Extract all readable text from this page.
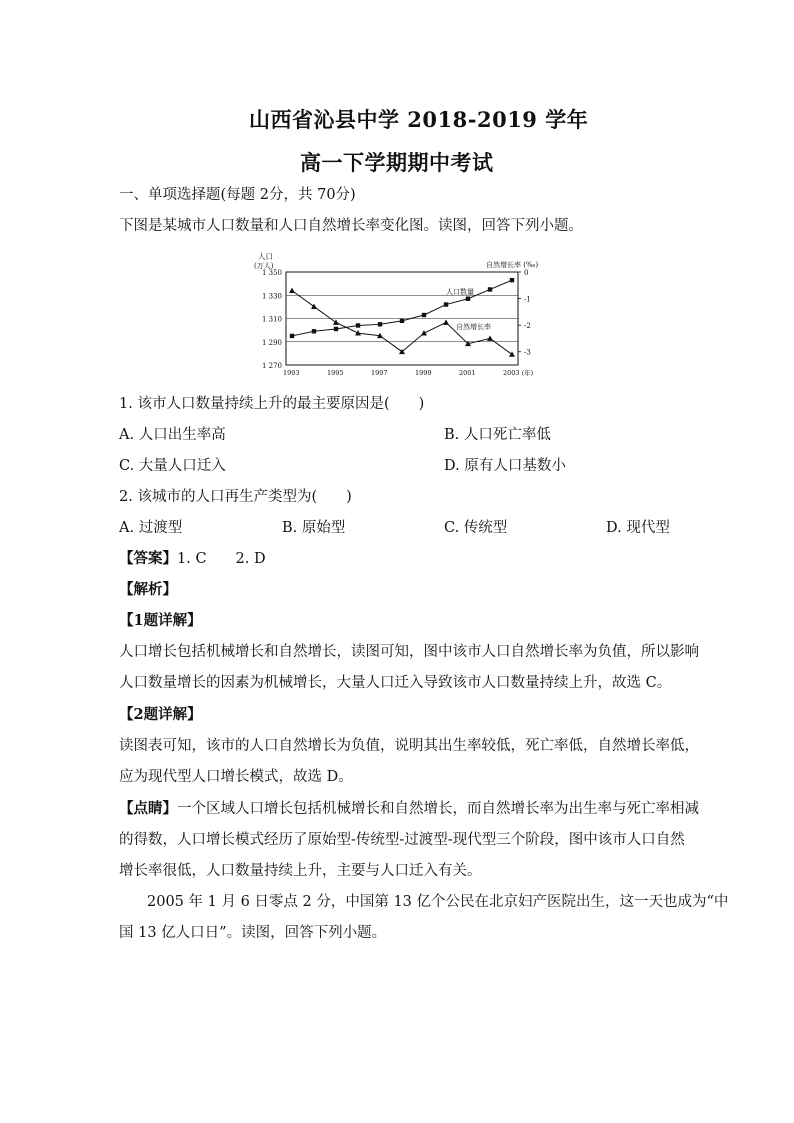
山西省沁县中学 2018-2019 学年
高一下学期期中考试
一、单项选择题(每题 2分，共 70分)
下图是某城市人口数量和人口自然增长率变化图。读图，回答下列小题。
1 350
1 330
1 310
1 290
1 270
0
-1
-2
-3
1993	1995	1997	1999	2001	2003 (年)
人口
(万人)	自然增长率 (‰)
人口数量
自然增长率
1. 该市人口数量持续上升的最主要原因是(　　)
A. 人口出生率高	B. 人口死亡率低
C. 大量人口迁入	D. 原有人口基数小
2. 该城市的人口再生产类型为(　　)
A. 过渡型	B. 原始型	C. 传统型	D. 现代型
【答案】1. C　　2. D
【解析】
【1题详解】
人口增长包括机械增长和自然增长，读图可知，图中该市人口自然增长率为负值，所以影响
人口数量增长的因素为机械增长，大量人口迁入导致该市人口数量持续上升，故选 C。
【2题详解】
读图表可知，该市的人口自然增长为负值，说明其出生率较低，死亡率低，自然增长率低，
应为现代型人口增长模式，故选 D。
【点睛】一个区域人口增长包括机械增长和自然增长，而自然增长率为出生率与死亡率相减
的得数，人口增长模式经历了原始型-传统型-过渡型-现代型三个阶段，图中该市人口自然
增长率很低，人口数量持续上升，主要与人口迁入有关。
2005 年 1 月 6 日零点 2 分，中国第 13 亿个公民在北京妇产医院出生，这一天也成为“中
国 13 亿人口日”。读图，回答下列小题。
